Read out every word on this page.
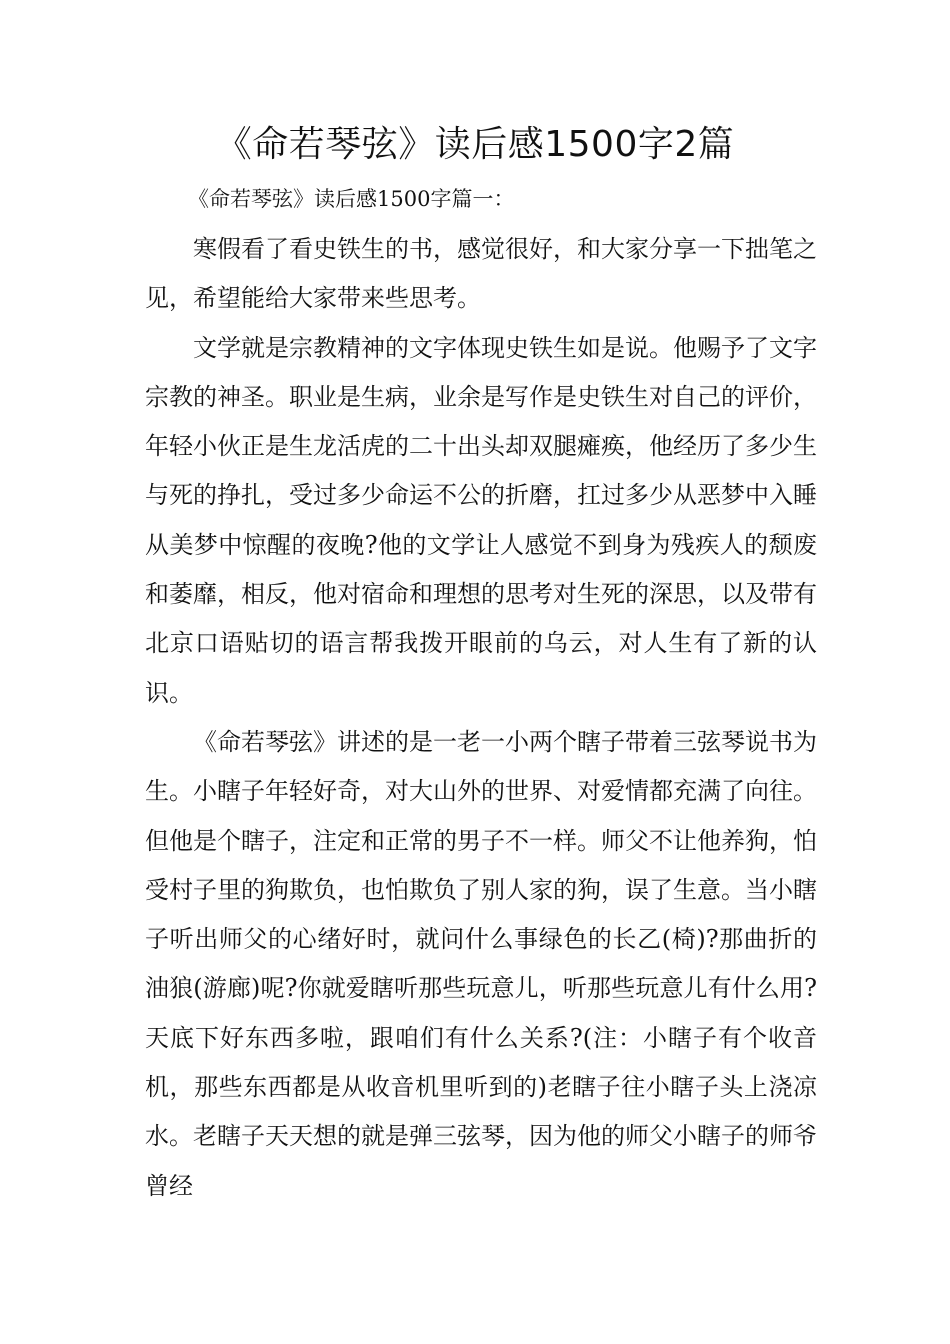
《命若琴弦》读后感1500字2篇
《命若琴弦》读后感1500字篇一：

寒假看了看史铁生的书，感觉很好，和大家分享一下拙笔之见，希望能给大家带来些思考。

文学就是宗教精神的文字体现史铁生如是说。他赐予了文字宗教的神圣。职业是生病，业余是写作是史铁生对自己的评价，年轻小伙正是生龙活虎的二十出头却双腿瘫痪，他经历了多少生与死的挣扎，受过多少命运不公的折磨，扛过多少从恶梦中入睡从美梦中惊醒的夜晚?他的文学让人感觉不到身为残疾人的颓废和萎靡，相反，他对宿命和理想的思考对生死的深思，以及带有北京口语贴切的语言帮我拨开眼前的乌云，对人生有了新的认识。

《命若琴弦》讲述的是一老一小两个瞎子带着三弦琴说书为生。小瞎子年轻好奇，对大山外的世界、对爱情都充满了向往。但他是个瞎子，注定和正常的男子不一样。师父不让他养狗，怕受村子里的狗欺负，也怕欺负了别人家的狗，误了生意。当小瞎子听出师父的心绪好时，就问什么事绿色的长乙(椅)?那曲折的油狼(游廊)呢?你就爱瞎听那些玩意儿，听那些玩意儿有什么用?天底下好东西多啦，跟咱们有什么关系?(注：小瞎子有个收音机，那些东西都是从收音机里听到的)老瞎子往小瞎子头上浇凉水。老瞎子天天想的就是弹三弦琴，因为他的师父小瞎子的师爷曾经
